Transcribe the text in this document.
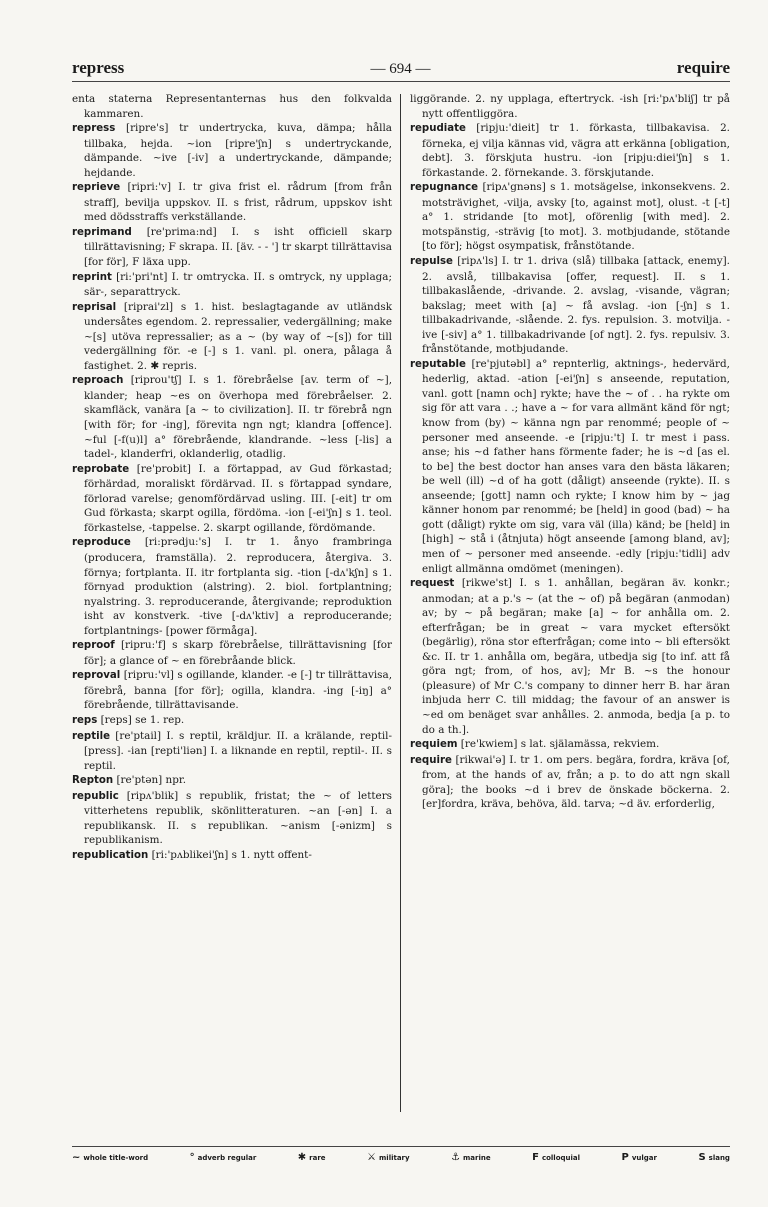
repress	— 694 —	require

enta staterna Representanternas hus den folkvalda kammaren.

repress [ripre's] tr undertrycka, kuva, dämpa; hålla tillbaka, hejda. ~ion [ripre'ʃn] s undertryckande, dämpande. ~ive [-iv] a undertryckande, dämpande; hejdande.

reprieve [ripri:'v] I. tr giva frist el. rådrum [from från straff], bevilja uppskov. II. s frist, rådrum, uppskov isht med dödsstraffs verkställande.

reprimand [re'prima:nd] I. s isht officiell skarp tillrättavisning; F skrapa. II. [äv. - - '] tr skarpt tillrättavisa [for för], F läxa upp.

reprint [ri:'pri'nt] I. tr omtrycka. II. s omtryck, ny upplaga; sär-, separattryck.

reprisal [riprai'zl] s 1. hist. beslagtagande av utländsk undersåtes egendom. 2. repressalier, vedergällning; make ~[s] utöva repressalier; as a ~ (by way of ~[s]) for till vedergällning för. -e [-] s 1. vanl. pl. onera, pålaga å fastighet. 2. ✱ repris.

reproach [riprou'tʃ] I. s 1. förebråelse [av. term of ~], klander; heap ~es on överhopa med förebråelser. 2. skamfläck, vanära [a ~ to civilization]. II. tr förebrå ngn [with för; for -ing], förevita ngn ngt; klandra [offence]. ~ful [-f(u)l] a° förebrående, klandrande. ~less [-lis] a tadel-, klanderfri, oklanderlig, otadlig.

reprobate [re'probit] I. a förtappad, av Gud förkastad; förhärdad, moraliskt fördärvad. II. s förtappad syndare, förlorad varelse; genomfördärvad usling. III. [-eit] tr om Gud förkasta; skarpt ogilla, fördöma. -ion [-ei'ʃn] s 1. teol. förkastelse, -tappelse. 2. skarpt ogillande, fördömande.

reproduce [ri:prədju:'s] I. tr 1. ånyo frambringa (producera, framställa). 2. reproducera, återgiva. 3. förnya; fortplanta. II. itr fortplanta sig. -tion [-dʌ'kʃn] s 1. förnyad produktion (alstring). 2. biol. fortplantning; nyalstring. 3. reproducerande, återgivande; reproduktion isht av konstverk. -tive [-dʌ'ktiv] a reproducerande; fortplantnings- [power förmåga].

reproof [ripru:'f] s skarp förebråelse, tillrättavisning [for för]; a glance of ~ en förebråande blick.

reproval [ripru:'vl] s ogillande, klander. -e [-] tr tillrättavisa, förebrå, banna [for för]; ogilla, klandra. -ing [-iŋ] a° förebrående, tillrättavisande.

reps [reps] se 1. rep.

reptile [re'ptail] I. s reptil, kräldjur. II. a krälande, reptil- [press]. -ian [repti'liən] I. a liknande en reptil, reptil-. II. s reptil.

Repton [re'ptən] npr.

republic [ripʌ'blik] s republik, fristat; the ~ of letters vitterhetens republik, skönlitteraturen. ~an [-ən] I. a republikansk. II. s republikan. ~anism [-ənizm] s republikanism.

republication [ri:'pʌblikei'ʃn] s 1. nytt offent-

liggörande. 2. ny upplaga, eftertryck. -ish [ri:'pʌ'bliʃ] tr på nytt offentliggöra.

repudiate [ripju:'dieit] tr 1. förkasta, tillbakavisa. 2. förneka, ej vilja kännas vid, vägra att erkänna [obligation, debt]. 3. förskjuta hustru. -ion [ripju:diei'ʃn] s 1. förkastande. 2. förnekande. 3. förskjutande.

repugnance [ripʌ'gnəns] s 1. motsägelse, inkonsekvens. 2. motsträvighet, -vilja, avsky [to, against mot], olust. -t [-t] a° 1. stridande [to mot], oförenlig [with med]. 2. motspänstig, -strävig [to mot]. 3. motbjudande, stötande [to för]; högst osympatisk, frånstötande.

repulse [ripʌ'ls] I. tr 1. driva (slå) tillbaka [attack, enemy]. 2. avslå, tillbakavisa [offer, request]. II. s 1. tillbakaslående, -drivande. 2. avslag, -visande, vägran; bakslag; meet with [a] ~ få avslag. -ion [-ʃn] s 1. tillbakadrivande, -slående. 2. fys. repulsion. 3. motvilja. -ive [-siv] a° 1. tillbakadrivande [of ngt]. 2. fys. repulsiv. 3. frånstötande, motbjudande.

reputable [re'pjutəbl] a° repnterlig, aktnings-, hedervärd, hederlig, aktad. -ation [-ei'ʃn] s anseende, reputation, vanl. gott [namn och] rykte; have the ~ of . . ha rykte om sig för att vara . .; have a ~ for vara allmänt känd för ngt; know from (by) ~ känna ngn par renommé; people of ~ personer med anseende. -e [ripju:'t] I. tr mest i pass. anse; his ~d father hans förmente fader; he is ~d [as el. to be] the best doctor han anses vara den bästa läkaren; be well (ill) ~d of ha gott (dåligt) anseende (rykte). II. s anseende; [gott] namn och rykte; I know him by ~ jag känner honom par renommé; be [held] in good (bad) ~ ha gott (dåligt) rykte om sig, vara väl (illa) känd; be [held] in [high] ~ stå i (åtnjuta) högt anseende [among bland, av]; men of ~ personer med anseende. -edly [ripju:'tidli] adv enligt allmänna omdömet (meningen).

request [rikwe'st] I. s 1. anhållan, begäran äv. konkr.; anmodan; at a p.'s ~ (at the ~ of) på begäran (anmodan) av; by ~ på begäran; make [a] ~ for anhålla om. 2. efterfrågan; be in great ~ vara mycket eftersökt (begärlig), röna stor efterfrågan; come into ~ bli eftersökt &c. II. tr 1. anhålla om, begära, utbedja sig [to inf. att få göra ngt; from, of hos, av]; Mr B. ~s the honour (pleasure) of Mr C.'s company to dinner herr B. har äran inbjuda herr C. till middag; the favour of an answer is ~ed om benäget svar anhålles. 2. anmoda, bedja [a p. to do a th.].

requiem [re'kwiem] s lat. själamässa, rekviem.

require [rikwai'ə] I. tr 1. om pers. begära, fordra, kräva [of, from, at the hands of av, från; a p. to do att ngn skall göra]; the books ~d i brev de önskade böckerna. 2. [er]fordra, kräva, behöva, äld. tarva; ~d äv. erforderlig,

~ whole title-word	° adverb regular	✱ rare	⚔ military	⚓ marine	F colloquial	P vulgar	S slang
